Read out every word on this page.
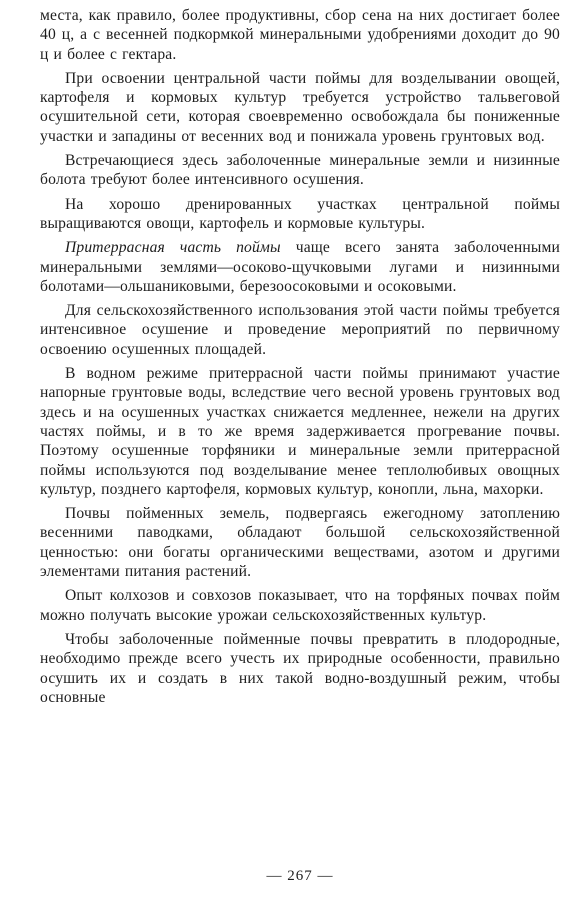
места, как правило, более продуктивны, сбор сена на них достигает более 40 ц, а с весенней подкормкой минеральными удобрениями доходит до 90 ц и более с гектара.

При освоении центральной части поймы для возделывании овощей, картофеля и кормовых культур требуется устройство тальвеговой осушительной сети, которая своевременно освобождала бы пониженные участки и западины от весенних вод и понижала уровень грунтовых вод.

Встречающиеся здесь заболоченные минеральные земли и низинные болота требуют более интенсивного осушения.

На хорошо дренированных участках центральной поймы выращиваются овощи, картофель и кормовые культуры.

Притеррасная часть поймы чаще всего занята заболоченными минеральными землями—осоково-щучковыми лугами и низинными болотами—ольшаниковыми, березоосоковыми и осоковыми.

Для сельскохозяйственного использования этой части поймы требуется интенсивное осушение и проведение мероприятий по первичному освоению осушенных площадей.

В водном режиме притеррасной части поймы принимают участие напорные грунтовые воды, вследствие чего весной уровень грунтовых вод здесь и на осушенных участках снижается медленнее, нежели на других частях поймы, и в то же время задерживается прогревание почвы. Поэтому осушенные торфяники и минеральные земли притеррасной поймы используются под возделывание менее теплолюбивых овощных культур, позднего картофеля, кормовых культур, конопли, льна, махорки.

Почвы пойменных земель, подвергаясь ежегодному затоплению весенними паводками, обладают большой сельскохозяйственной ценностью: они богаты органическими веществами, азотом и другими элементами питания растений.

Опыт колхозов и совхозов показывает, что на торфяных почвах пойм можно получать высокие урожаи сельскохозяйственных культур.

Чтобы заболоченные пойменные почвы превратить в плодородные, необходимо прежде всего учесть их природные особенности, правильно осушить их и создать в них такой водно-воздушный режим, чтобы основные

— 267 —
